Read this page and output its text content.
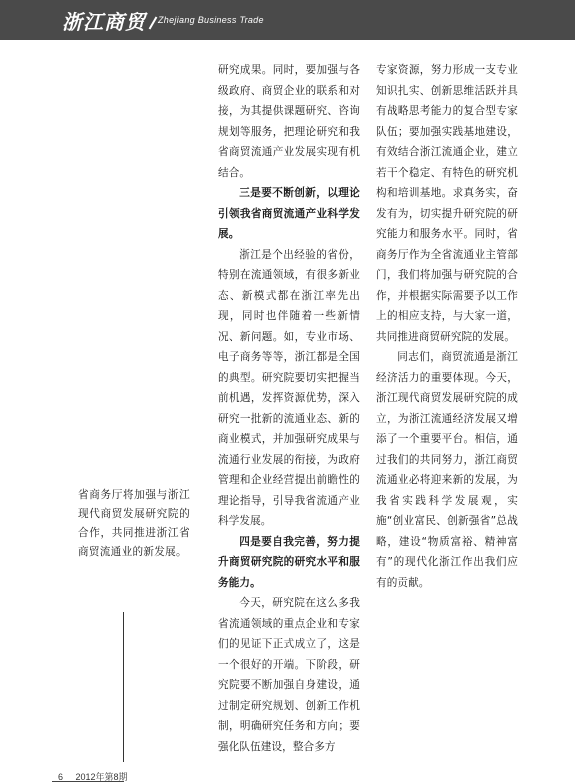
浙江商贸 Zhejiang Business Trade
省商务厅将加强与浙江现代商贸发展研究院的合作，共同推进浙江省商贸流通业的新发展。

研究成果。同时，要加强与各级政府、商贸企业的联系和对接，为其提供课题研究、咨询规划等服务，把理论研究和我省商贸流通产业发展实现有机结合。

三是要不断创新，以理论引领我省商贸流通产业科学发展。

浙江是个出经验的省份，特别在流通领域，有很多新业态、新模式都在浙江率先出现，同时也伴随着一些新情况、新问题。如，专业市场、电子商务等等，浙江都是全国的典型。研究院要切实把握当前机遇，发挥资源优势，深入研究一批新的流通业态、新的商业模式，并加强研究成果与流通行业发展的衔接，为政府管理和企业经营提出前瞻性的理论指导，引导我省流通产业科学发展。

四是要自我完善，努力提升商贸研究院的研究水平和服务能力。

今天，研究院在这么多我省流通领域的重点企业和专家们的见证下正式成立了，这是一个很好的开端。下阶段，研究院要不断加强自身建设，通过制定研究规划、创新工作机制，明确研究任务和方向；要强化队伍建设，整合多方

专家资源，努力形成一支专业知识扎实、创新思维活跃并具有战略思考能力的复合型专家队伍；要加强实践基地建设，有效结合浙江流通企业，建立若干个稳定、有特色的研究机构和培训基地。求真务实，奋发有为，切实提升研究院的研究能力和服务水平。同时，省商务厅作为全省流通业主管部门，我们将加强与研究院的合作，并根据实际需要予以工作上的相应支持，与大家一道，共同推进商贸研究院的发展。

同志们，商贸流通是浙江经济活力的重要体现。今天，浙江现代商贸发展研究院的成立，为浙江流通经济发展又增添了一个重要平台。相信，通过我们的共同努力，浙江商贸流通业必将迎来新的发展，为我省实践科学发展观，实施“创业富民、创新强省”总战略，建设“物质富裕、精神富有”的现代化浙江作出我们应有的贡献。

6 2012年第8期
